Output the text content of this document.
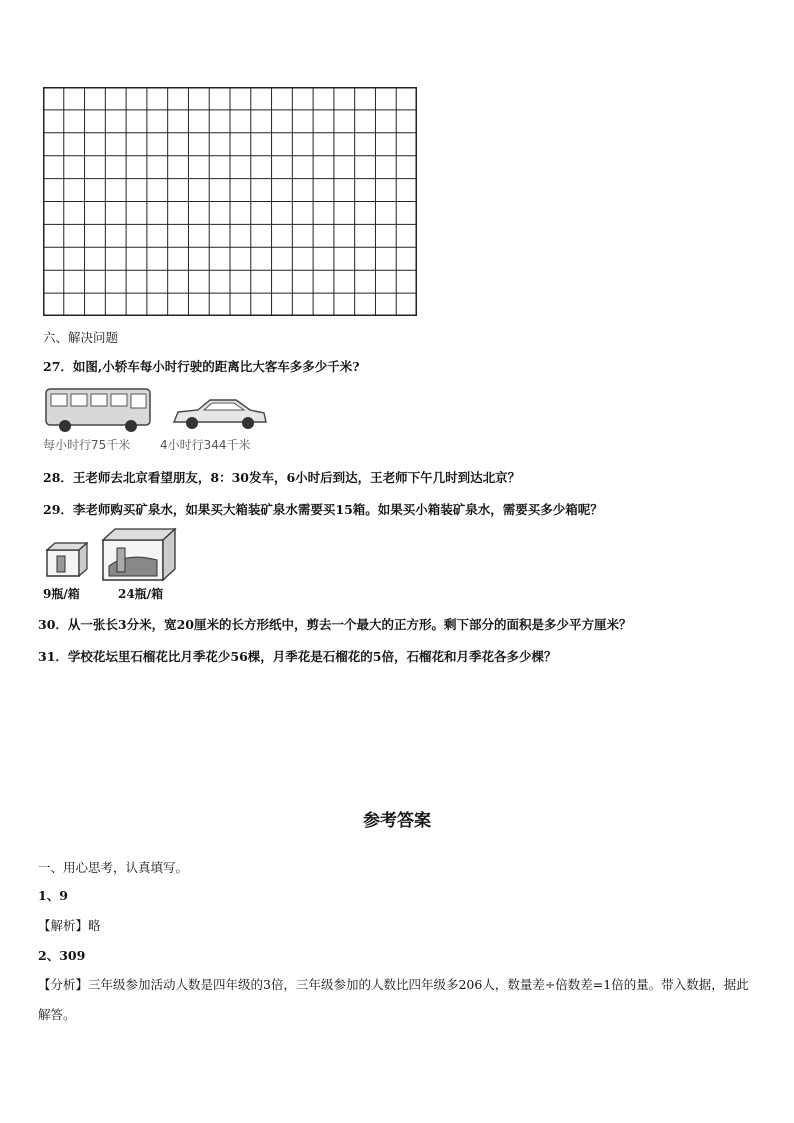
六、解决问题
27．如图,小轿车每小时行驶的距离比大客车多多少千米?
每小时行75千米 4小时行344千米
28．王老师去北京看望朋友，8：30发车，6小时后到达，王老师下午几时到达北京？
29．李老师购买矿泉水，如果买大箱装矿泉水需要买15箱。如果买小箱装矿泉水，需要买多少箱呢？
9瓶/箱	24瓶/箱
30．从一张长3分米，宽20厘米的长方形纸中，剪去一个最大的正方形。剩下部分的面积是多少平方厘米？
31．学校花坛里石榴花比月季花少56棵，月季花是石榴花的5倍，石榴花和月季花各多少棵？
参考答案
一、用心思考，认真填写。
1、9
【解析】略
2、309
【分析】三年级参加活动人数是四年级的3倍，三年级参加的人数比四年级多206人，数量差÷倍数差=1倍的量。带入数据，据此解答。
